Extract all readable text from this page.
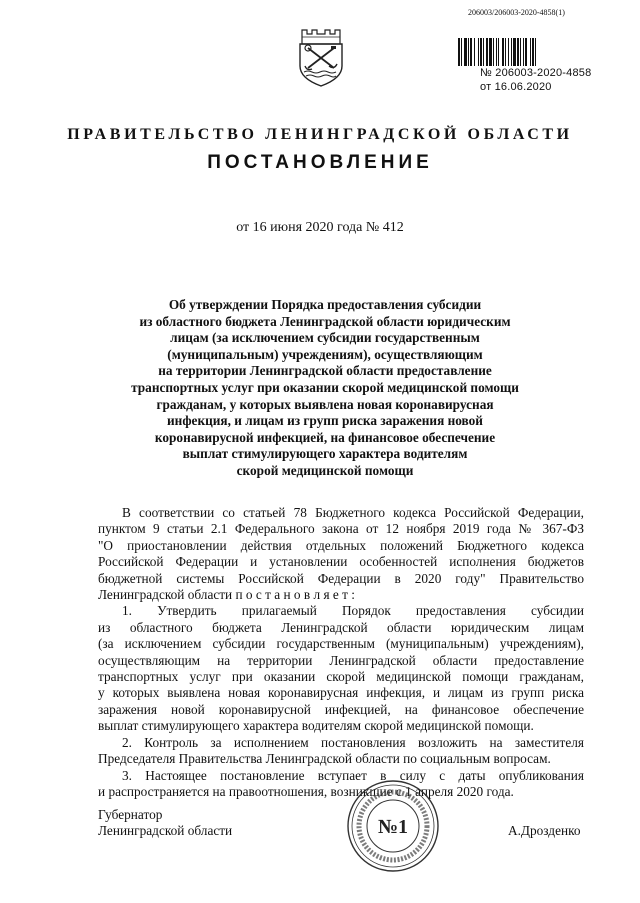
206003/206003-2020-4858(1)
№ 206003-2020-4858
от 16.06.2020
ПРАВИТЕЛЬСТВО ЛЕНИНГРАДСКОЙ ОБЛАСТИ
ПОСТАНОВЛЕНИЕ
от 16 июня 2020 года № 412
Об утверждении Порядка предоставления субсидии
из областного бюджета Ленинградской области юридическим
лицам (за исключением субсидии государственным
(муниципальным) учреждениям), осуществляющим
на территории Ленинградской области предоставление
транспортных услуг при оказании скорой медицинской помощи
гражданам, у которых выявлена новая коронавирусная
инфекция, и лицам из групп риска заражения новой
коронавирусной инфекцией, на финансовое обеспечение
выплат стимулирующего характера водителям
скорой медицинской помощи
В соответствии со статьей 78 Бюджетного кодекса Российской Федерации,
пунктом 9 статьи 2.1 Федерального закона от 12 ноября 2019 года № 367-ФЗ
"О приостановлении действия отдельных положений Бюджетного кодекса
Российской Федерации и установлении особенностей исполнения бюджетов
бюджетной системы Российской Федерации в 2020 году" Правительство
Ленинградской области п о с т а н о в л я е т :
1. Утвердить прилагаемый Порядок предоставления субсидии
из областного бюджета Ленинградской области юридическим лицам
(за исключением субсидии государственным (муниципальным) учреждениям),
осуществляющим на территории Ленинградской области предоставление
транспортных услуг при оказании скорой медицинской помощи гражданам,
у которых выявлена новая коронавирусная инфекция, и лицам из групп риска
заражения новой коронавирусной инфекцией, на финансовое обеспечение
выплат стимулирующего характера водителям скорой медицинской помощи.
2. Контроль за исполнением постановления возложить на заместителя
Председателя Правительства Ленинградской области по социальным вопросам.
3. Настоящее постановление вступает в силу с даты опубликования
и распространяется на правоотношения, возникшие с 1 апреля 2020 года.
Губернатор
Ленинградской области	А.Дрозденко
№1
